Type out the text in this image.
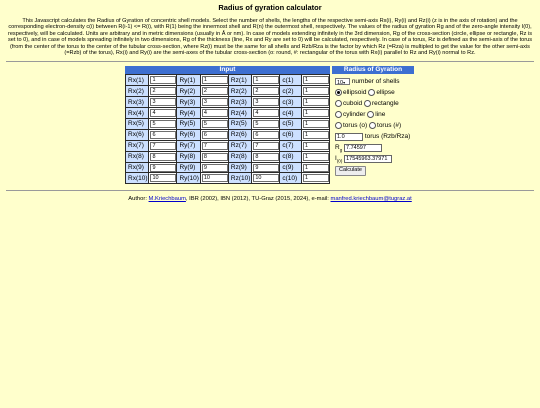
Radius of gyration calculator
This Javascript calculates the Radius of Gyration of concentric shell models. Select the number of shells, the lengths of the respective semi-axis Rx(i), Ry(i) and Rz(i) (z is in the axis of rotation) and the corresponding electron-density c(i) between R(i-1) <= R(i), with R(1) being the innermost shell and R(n) the outermost shell, respectively. The values of the radius of gyration Rg and of the zero-angle intensity I(0), respectively, will be calculated. Units are arbitrary and in metric dimensions (usually in Å or nm). In case of models extending infinitely in the 3rd dimension, Rg of the cross-section (circle, ellipse or rectangle, Rz is set to 0), and in case of models spreading infinitely in two dimensions, Rg of the thickness (line, Rx and Ry are set to 0) will be calculated, respectively. In case of a torus, Rz is defined as the semi-axis of the torus (from the center of the torus to the center of the tubular cross-section, where Rz(i) must be the same for all shells and Rzb/Rza is the factor by which Rz (=Rza) is multipled to get the value for the other semi-axis (=Rzb) of the torus), Rx(i) and Ry(i) are the semi-axes of the tubular cross-section (o: round, #: rectangular of the torus with Rx(i) parallel to Rz and Ry(i) normal to Rz.
Input
Rx(1)	1	Ry(1)	1	Rz(1)	1	c(1)	1

Rx(2)	2	Ry(2)	2	Rz(2)	2	c(2)	1

Rx(3)	3	Ry(3)	3	Rz(3)	3	c(3)	1

Rx(4)	4	Ry(4)	4	Rz(4)	4	c(4)	1

Rx(5)	5	Ry(5)	5	Rz(5)	5	c(5)	1

Rx(6)	6	Ry(6)	6	Rz(6)	6	c(6)	1

Rx(7)	7	Ry(7)	7	Rz(7)	7	c(7)	1

Rx(8)	8	Ry(8)	8	Rz(8)	8	c(8)	1

Rx(9)	9	Ry(9)	9	Rz(9)	9	c(9)	1

Rx(10)	10	Ry(10)	10	Rz(10)	10	c(10)	1
Radius of Gyration
10▾ number of shells
ellipsoid ellipse
cuboid rectangle
cylinder line
torus (o) torus (#)
1.0	torus (Rzb/Rza)
$R_g$ 7.74597
$I_{(0)}$ 17545963.37971
Calculate
Author: M.Kriechbaum, IBR (2002), IBN (2012), TU-Graz (2015, 2024), e-mail: manfred.kriechbaum@tugraz.at
